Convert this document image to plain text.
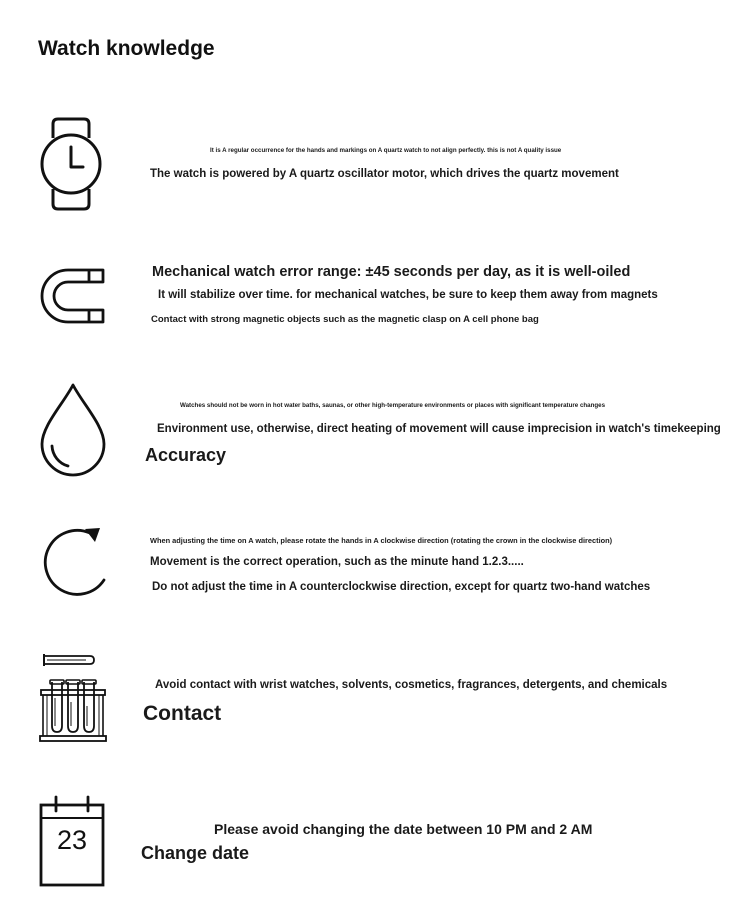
Watch knowledge
It is A regular occurrence for the hands and markings on A quartz watch to not align perfectly. this is not A quality issue
The watch is powered by A quartz oscillator motor, which drives the quartz movement
Mechanical watch error range: ±45 seconds per day, as it is well-oiled
It will stabilize over time. for mechanical watches, be sure to keep them away from magnets
Contact with strong magnetic objects such as the magnetic clasp on A cell phone bag
Watches should not be worn in hot water baths, saunas, or other high-temperature environments or places with significant temperature changes
Environment use, otherwise, direct heating of movement will cause imprecision in watch's timekeeping
Accuracy
When adjusting the time on A watch, please rotate the hands in A clockwise direction (rotating the crown in the clockwise direction)
Movement is the correct operation, such as the minute hand 1.2.3.....
Do not adjust the time in A counterclockwise direction, except for quartz two-hand watches
Avoid contact with wrist watches, solvents, cosmetics, fragrances, detergents, and chemicals
Contact
23	Please avoid changing the date between 10 PM and 2 AM
Change date
